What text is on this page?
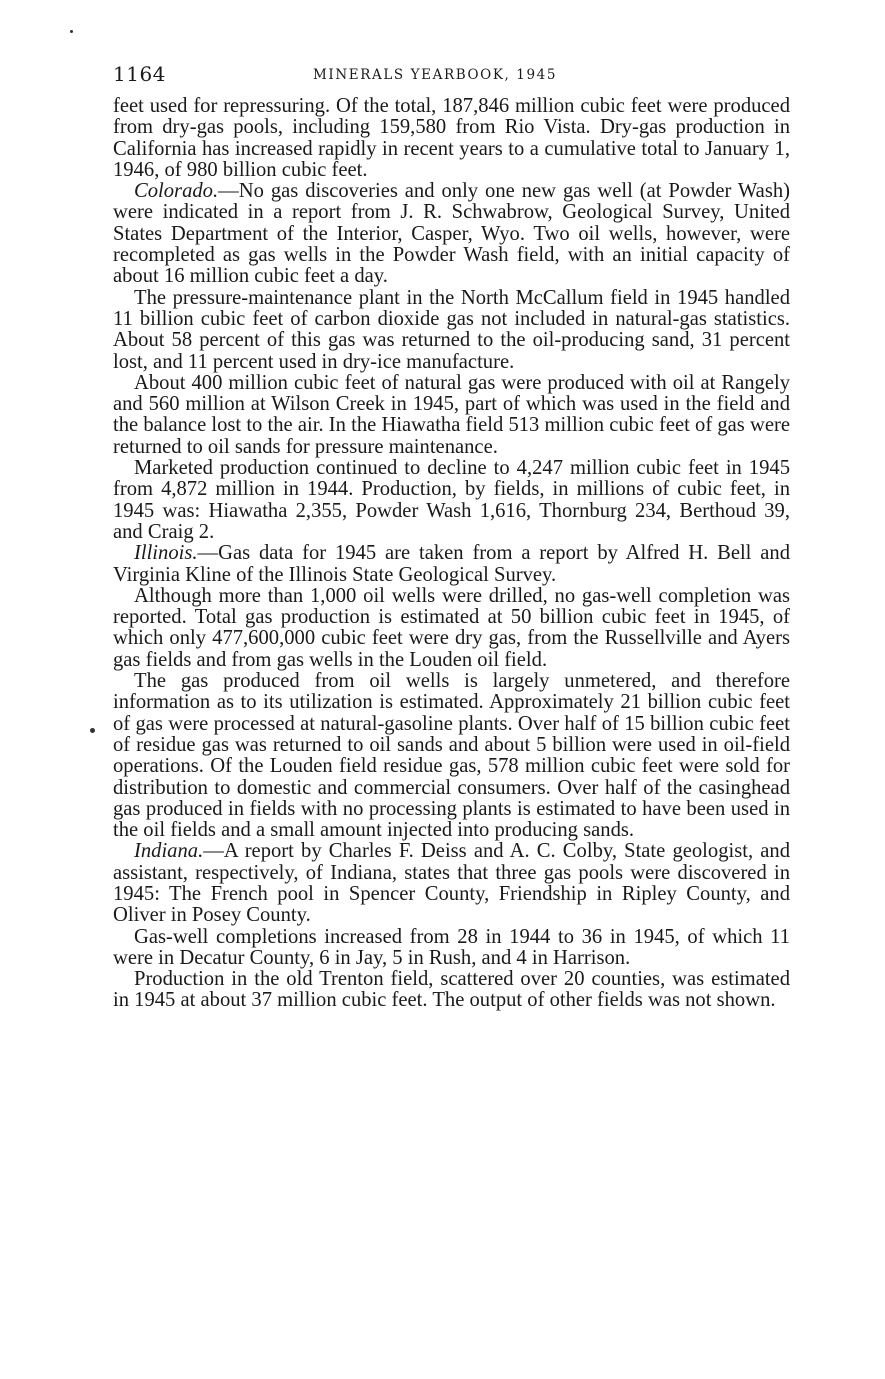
1164	MINERALS YEARBOOK, 1945

feet used for repressuring. Of the total, 187,846 million cubic feet were produced from dry-gas pools, including 159,580 from Rio Vista. Dry-gas production in California has increased rapidly in recent years to a cumulative total to January 1, 1946, of 980 billion cubic feet.

Colorado.—No gas discoveries and only one new gas well (at Powder Wash) were indicated in a report from J. R. Schwabrow, Geological Survey, United States Department of the Interior, Casper, Wyo. Two oil wells, however, were recompleted as gas wells in the Powder Wash field, with an initial capacity of about 16 million cubic feet a day.

The pressure-maintenance plant in the North McCallum field in 1945 handled 11 billion cubic feet of carbon dioxide gas not included in natural-gas statistics. About 58 percent of this gas was returned to the oil-producing sand, 31 percent lost, and 11 percent used in dry-ice manufacture.

About 400 million cubic feet of natural gas were produced with oil at Rangely and 560 million at Wilson Creek in 1945, part of which was used in the field and the balance lost to the air. In the Hiawatha field 513 million cubic feet of gas were returned to oil sands for pressure maintenance.

Marketed production continued to decline to 4,247 million cubic feet in 1945 from 4,872 million in 1944. Production, by fields, in millions of cubic feet, in 1945 was: Hiawatha 2,355, Powder Wash 1,616, Thornburg 234, Berthoud 39, and Craig 2.

Illinois.—Gas data for 1945 are taken from a report by Alfred H. Bell and Virginia Kline of the Illinois State Geological Survey.

Although more than 1,000 oil wells were drilled, no gas-well completion was reported. Total gas production is estimated at 50 billion cubic feet in 1945, of which only 477,600,000 cubic feet were dry gas, from the Russellville and Ayers gas fields and from gas wells in the Louden oil field.

The gas produced from oil wells is largely unmetered, and therefore information as to its utilization is estimated. Approximately 21 billion cubic feet of gas were processed at natural-gasoline plants. Over half of 15 billion cubic feet of residue gas was returned to oil sands and about 5 billion were used in oil-field operations. Of the Louden field residue gas, 578 million cubic feet were sold for distribution to domestic and commercial consumers. Over half of the casinghead gas produced in fields with no processing plants is estimated to have been used in the oil fields and a small amount injected into producing sands.

Indiana.—A report by Charles F. Deiss and A. C. Colby, State geologist, and assistant, respectively, of Indiana, states that three gas pools were discovered in 1945: The French pool in Spencer County, Friendship in Ripley County, and Oliver in Posey County.

Gas-well completions increased from 28 in 1944 to 36 in 1945, of which 11 were in Decatur County, 6 in Jay, 5 in Rush, and 4 in Harrison.

Production in the old Trenton field, scattered over 20 counties, was estimated in 1945 at about 37 million cubic feet. The output of other fields was not shown.
